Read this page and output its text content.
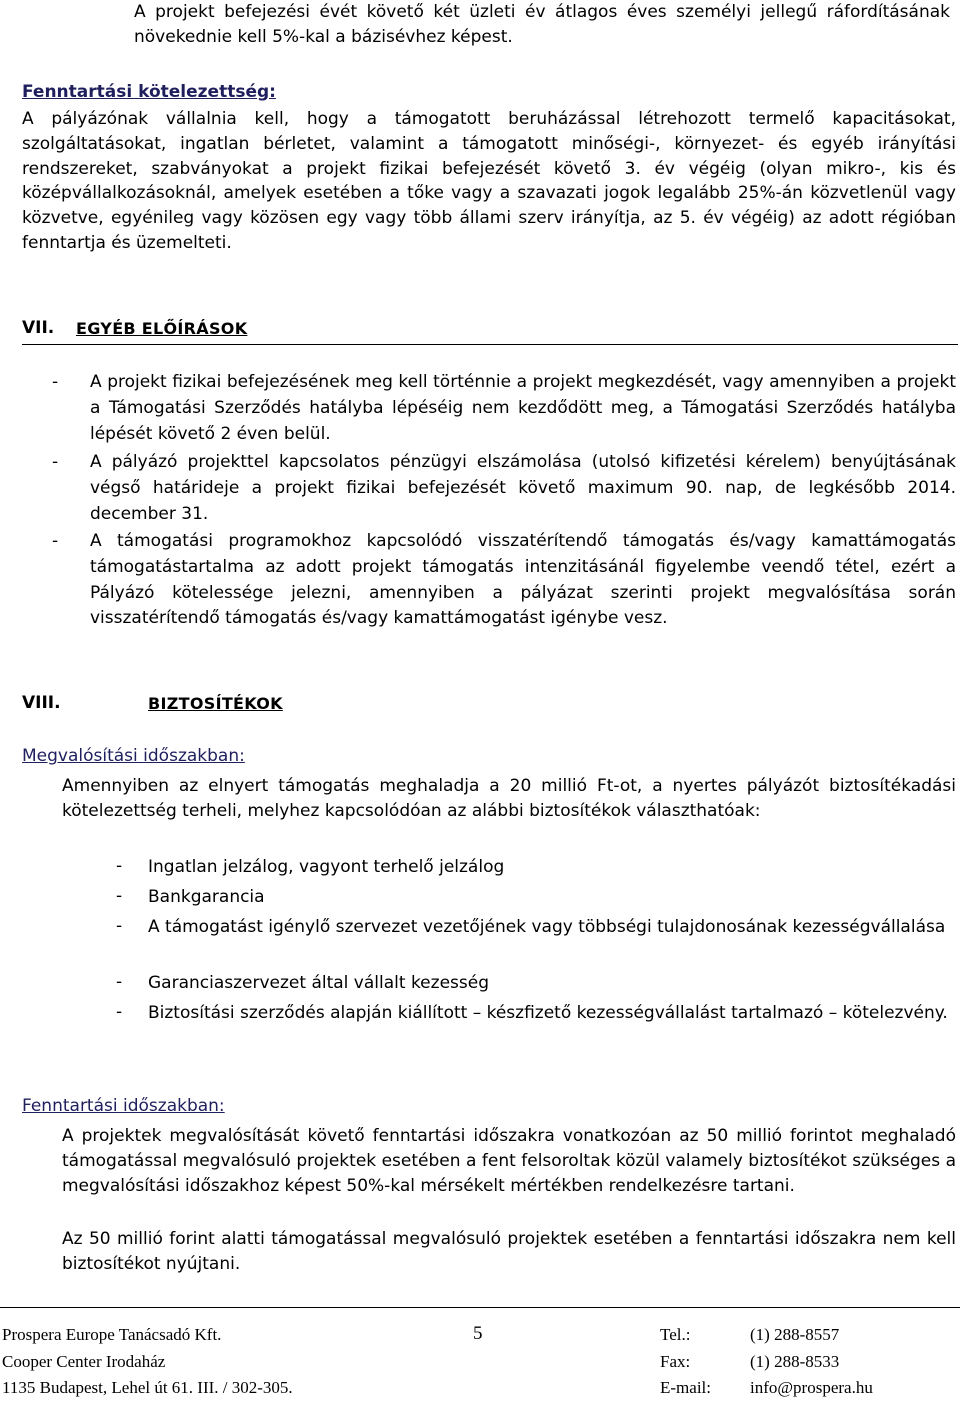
A projekt befejezési évét követő két üzleti év átlagos éves személyi jellegű ráfordításának növekednie kell 5%-kal a bázisévhez képest.
Fenntartási kötelezettség:
A pályázónak vállalnia kell, hogy a támogatott beruházással létrehozott termelő kapacitásokat, szolgáltatásokat, ingatlan bérletet, valamint a támogatott minőségi-, környezet- és egyéb irányítási rendszereket, szabványokat a projekt fizikai befejezését követő 3. év végéig (olyan mikro-, kis és középvállalkozásoknál, amelyek esetében a tőke vagy a szavazati jogok legalább 25%-án közvetlenül vagy közvetve, egyénileg vagy közösen egy vagy több állami szerv irányítja, az 5. év végéig) az adott régióban fenntartja és üzemelteti.
VII. EGYÉB ELŐÍRÁSOK
- A projekt fizikai befejezésének meg kell történnie a projekt megkezdését, vagy amennyiben a projekt a Támogatási Szerződés hatályba lépéséig nem kezdődött meg, a Támogatási Szerződés hatályba lépését követő 2 éven belül.
- A pályázó projekttel kapcsolatos pénzügyi elszámolása (utolsó kifizetési kérelem) benyújtásának végső határideje a projekt fizikai befejezését követő maximum 90. nap, de legkésőbb 2014. december 31.
- A támogatási programokhoz kapcsolódó visszatérítendő támogatás és/vagy kamattámogatás támogatástartalma az adott projekt támogatás intenzitásánál figyelembe veendő tétel, ezért a Pályázó kötelessége jelezni, amennyiben a pályázat szerinti projekt megvalósítása során visszatérítendő támogatás és/vagy kamattámogatást igénybe vesz.
VIII.	BIZTOSÍTÉKOK
Megvalósítási időszakban:
Amennyiben az elnyert támogatás meghaladja a 20 millió Ft-ot, a nyertes pályázót biztosítékadási kötelezettség terheli, melyhez kapcsolódóan az alábbi biztosítékok választhatóak:
- Ingatlan jelzálog, vagyont terhelő jelzálog
- Bankgarancia
- A támogatást igénylő szervezet vezetőjének vagy többségi tulajdonosának kezességvállalása
- Garanciaszervezet által vállalt kezesség
- Biztosítási szerződés alapján kiállított – készfizető kezességvállalást tartalmazó – kötelezvény.
Fenntartási időszakban:
A projektek megvalósítását követő fenntartási időszakra vonatkozóan az 50 millió forintot meghaladó támogatással megvalósuló projektek esetében a fent felsoroltak közül valamely biztosítékot szükséges a megvalósítási időszakhoz képest 50%-kal mérsékelt mértékben rendelkezésre tartani.
Az 50 millió forint alatti támogatással megvalósuló projektek esetében a fenntartási időszakra nem kell biztosítékot nyújtani.
Prospera Europe Tanácsadó Kft.
Cooper Center Irodaház
1135 Budapest, Lehel út 61. III. / 302-305.
5	Tel.:	(1) 288-8557
Fax:	(1) 288-8533
E-mail: info@prospera.hu
